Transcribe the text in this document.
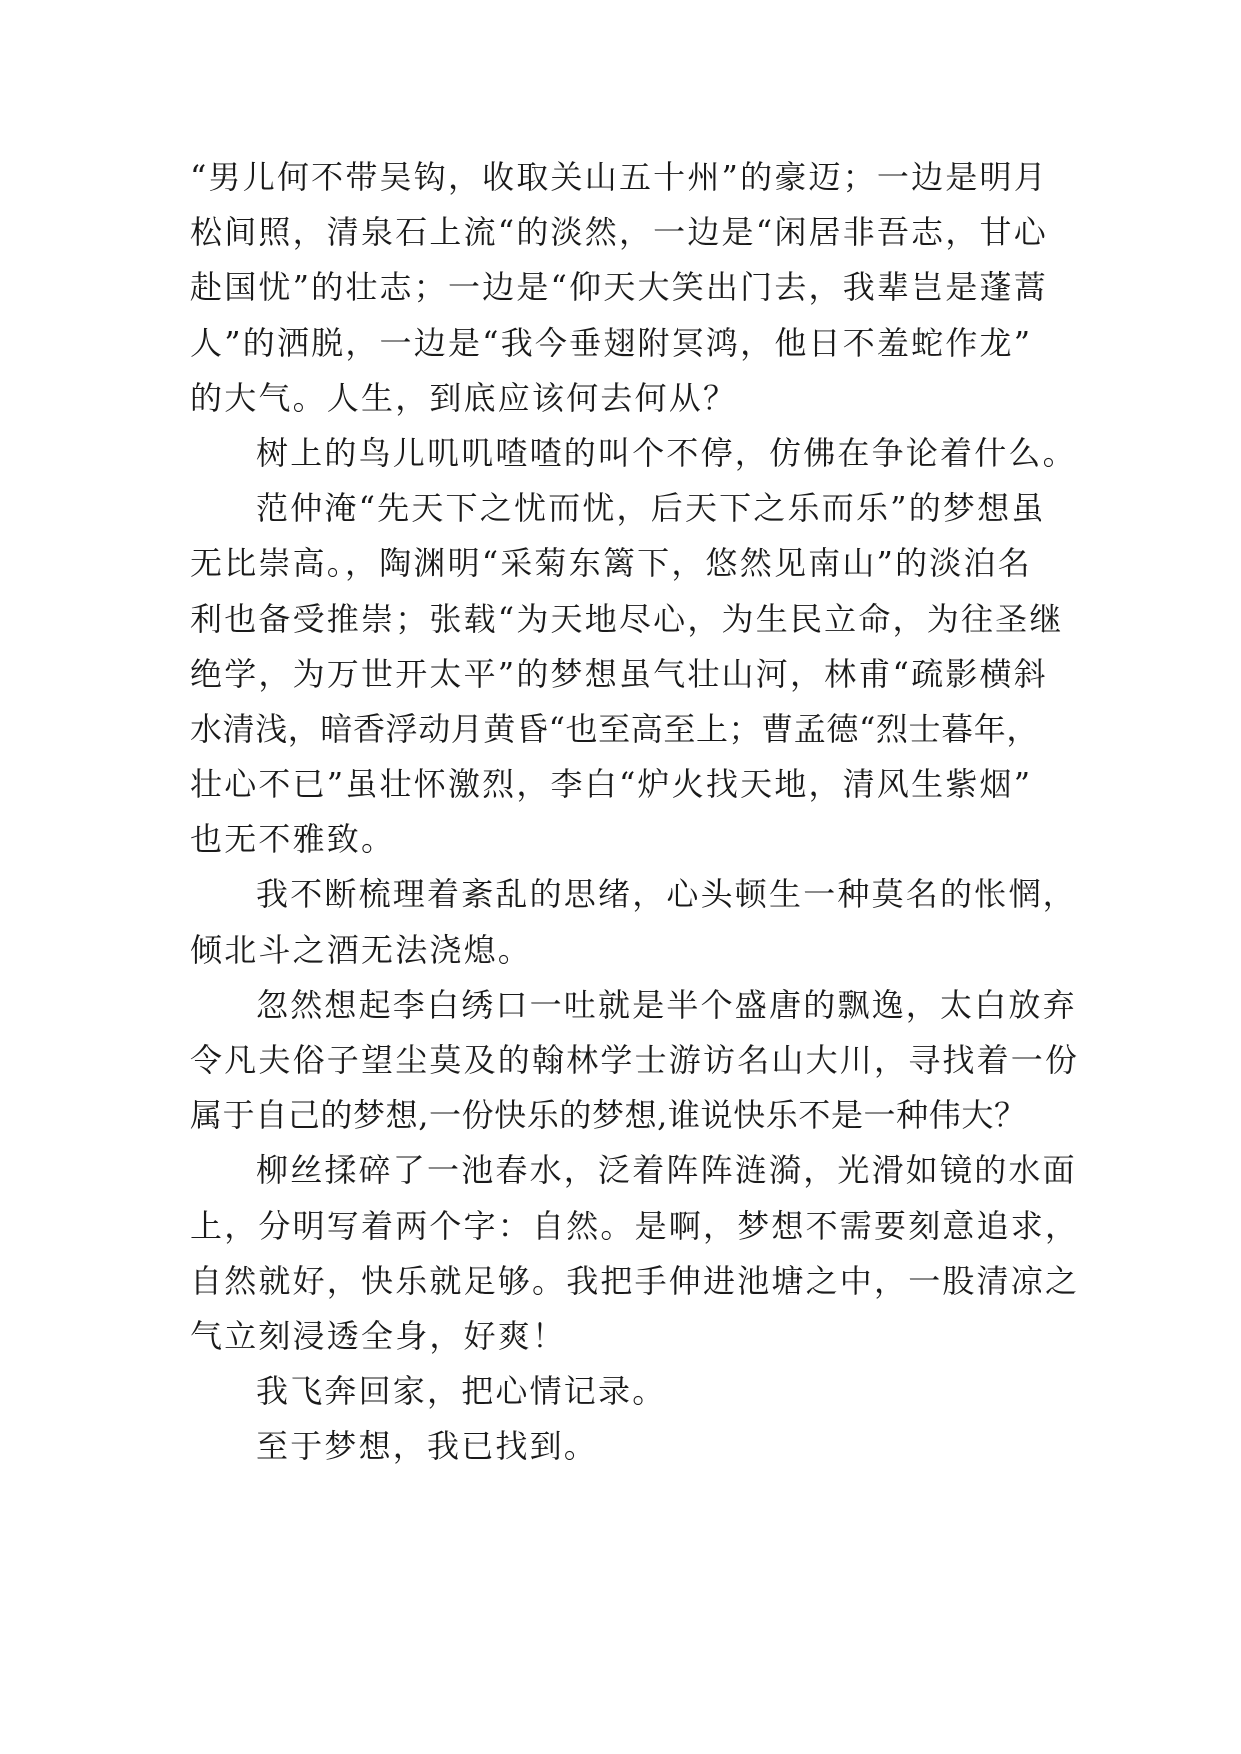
“男儿何不带吴钩，收取关山五十州”的豪迈；一边是明月
松间照，清泉石上流“的淡然，一边是“闲居非吾志，甘心
赴国忧”的壮志；一边是“仰天大笑出门去，我辈岂是蓬蒿
人”的洒脱，一边是“我今垂翅附冥鸿，他日不羞蛇作龙”
的大气。人生，到底应该何去何从？
树上的鸟儿叽叽喳喳的叫个不停，仿佛在争论着什么。
范仲淹“先天下之忧而忧，后天下之乐而乐”的梦想虽
无比崇高。，陶渊明“采菊东篱下，悠然见南山”的淡泊名
利也备受推崇；张载“为天地尽心，为生民立命，为往圣继
绝学，为万世开太平”的梦想虽气壮山河，林甫“疏影横斜
水清浅，暗香浮动月黄昏“也至高至上；曹孟德“烈士暮年，
壮心不已”虽壮怀激烈，李白“炉火找天地，清风生紫烟”
也无不雅致。
我不断梳理着紊乱的思绪，心头顿生一种莫名的怅惘，
倾北斗之酒无法浇熄。
忽然想起李白绣口一吐就是半个盛唐的飘逸，太白放弃
令凡夫俗子望尘莫及的翰林学士游访名山大川，寻找着一份
属于自己的梦想,一份快乐的梦想,谁说快乐不是一种伟大？
柳丝揉碎了一池春水，泛着阵阵涟漪，光滑如镜的水面
上，分明写着两个字：自然。是啊，梦想不需要刻意追求，
自然就好，快乐就足够。我把手伸进池塘之中，一股清凉之
气立刻浸透全身，好爽！
我飞奔回家，把心情记录。
至于梦想，我已找到。
